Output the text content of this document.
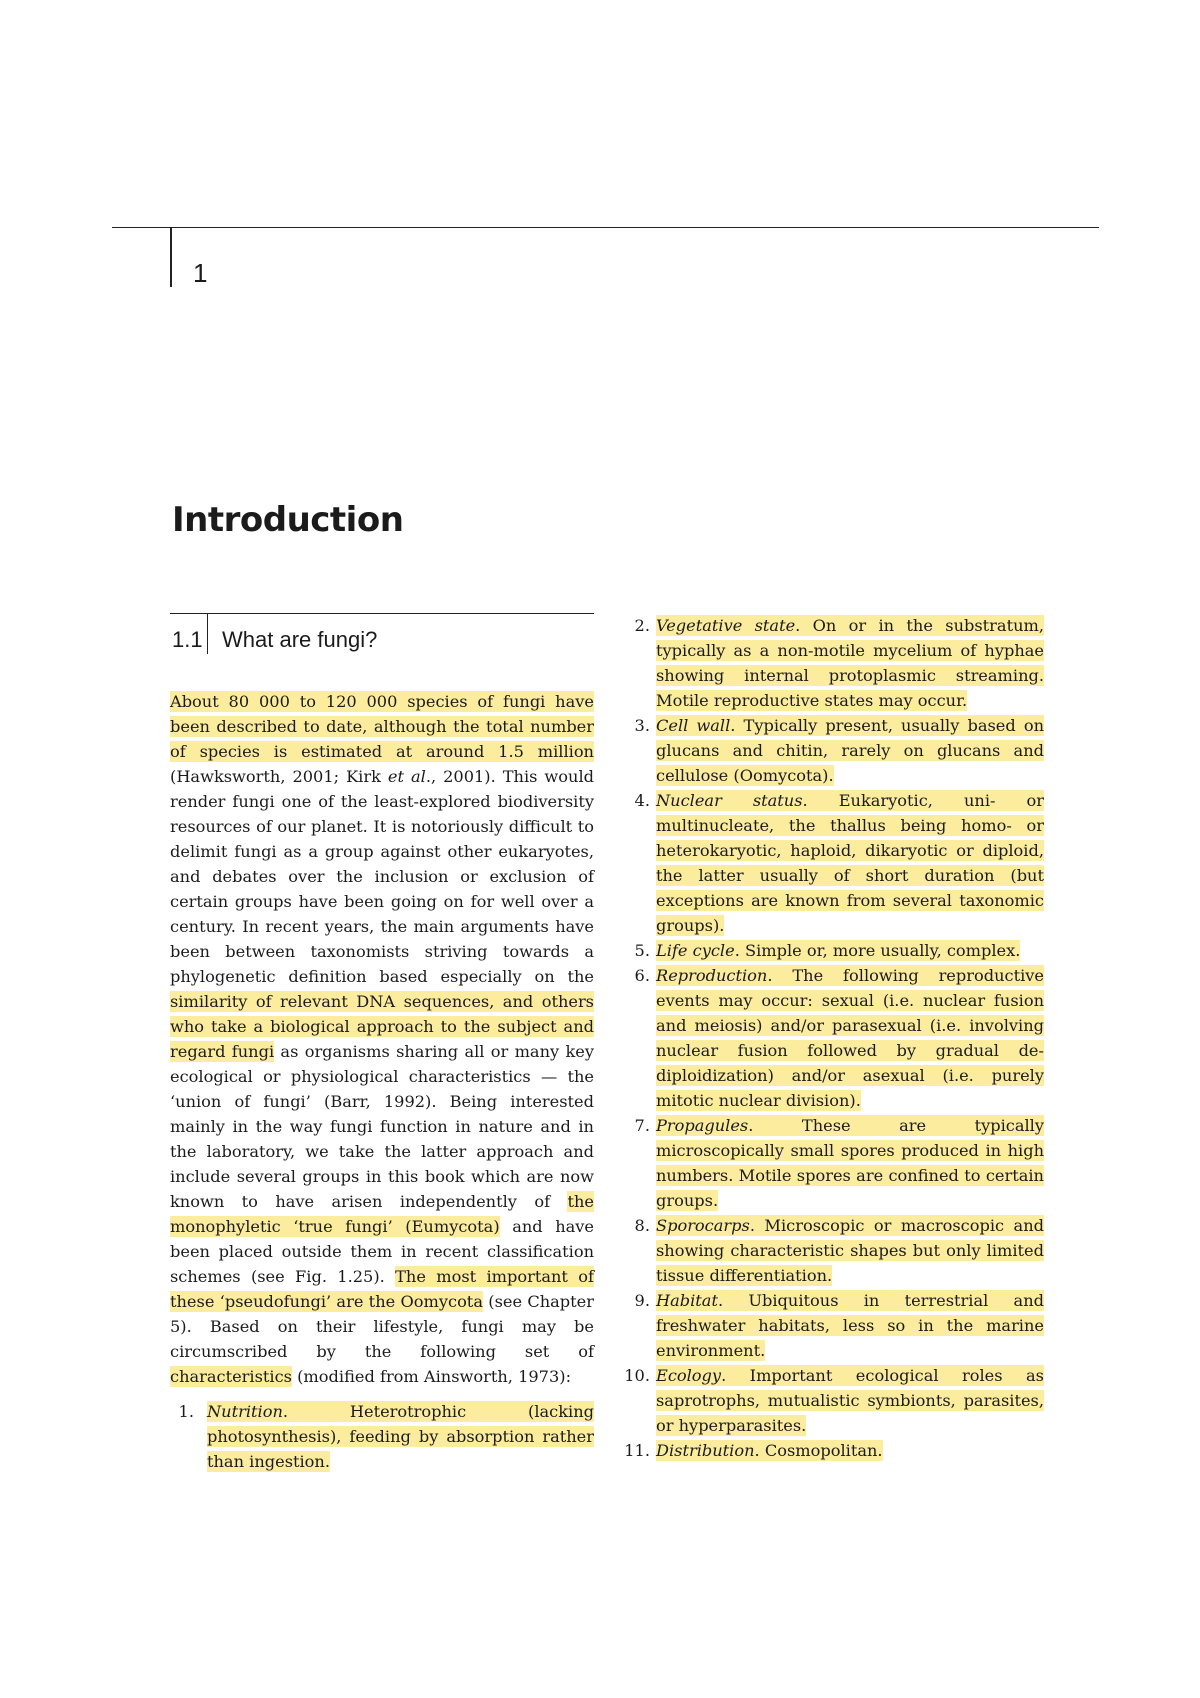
1
Introduction
1.1 What are fungi?

About 80 000 to 120 000 species of fungi have been described to date, although the total number of species is estimated at around 1.5 million (Hawksworth, 2001; Kirk et al., 2001). This would render fungi one of the least-explored biodiversity resources of our planet. It is notoriously difficult to delimit fungi as a group against other eukaryotes, and debates over the inclusion or exclusion of certain groups have been going on for well over a century. In recent years, the main arguments have been between taxonomists striving towards a phylogenetic definition based especially on the similarity of relevant DNA sequences, and others who take a biological approach to the subject and regard fungi as organisms sharing all or many key ecological or physiological characteristics — the ‘union of fungi’ (Barr, 1992). Being interested mainly in the way fungi function in nature and in the laboratory, we take the latter approach and include several groups in this book which are now known to have arisen independently of the monophyletic ‘true fungi’ (Eumycota) and have been placed outside them in recent classification schemes (see Fig. 1.25). The most important of these ‘pseudofungi’ are the Oomycota (see Chapter 5). Based on their lifestyle, fungi may be circumscribed by the following set of characteristics (modified from Ainsworth, 1973):

1. Nutrition. Heterotrophic (lacking photosynthesis), feeding by absorption rather than ingestion.
2. Vegetative state. On or in the substratum, typically as a non-motile mycelium of hyphae showing internal protoplasmic streaming. Motile reproductive states may occur.
3. Cell wall. Typically present, usually based on glucans and chitin, rarely on glucans and cellulose (Oomycota).
4. Nuclear status. Eukaryotic, uni- or multinucleate, the thallus being homo- or heterokaryotic, haploid, dikaryotic or diploid, the latter usually of short duration (but exceptions are known from several taxonomic groups).
5. Life cycle. Simple or, more usually, complex.
6. Reproduction. The following reproductive events may occur: sexual (i.e. nuclear fusion and meiosis) and/or parasexual (i.e. involving nuclear fusion followed by gradual de-diploidization) and/or asexual (i.e. purely mitotic nuclear division).
7. Propagules. These are typically microscopically small spores produced in high numbers. Motile spores are confined to certain groups.
8. Sporocarps. Microscopic or macroscopic and showing characteristic shapes but only limited tissue differentiation.
9. Habitat. Ubiquitous in terrestrial and freshwater habitats, less so in the marine environment.
10. Ecology. Important ecological roles as saprotrophs, mutualistic symbionts, parasites, or hyperparasites.
11. Distribution. Cosmopolitan.
